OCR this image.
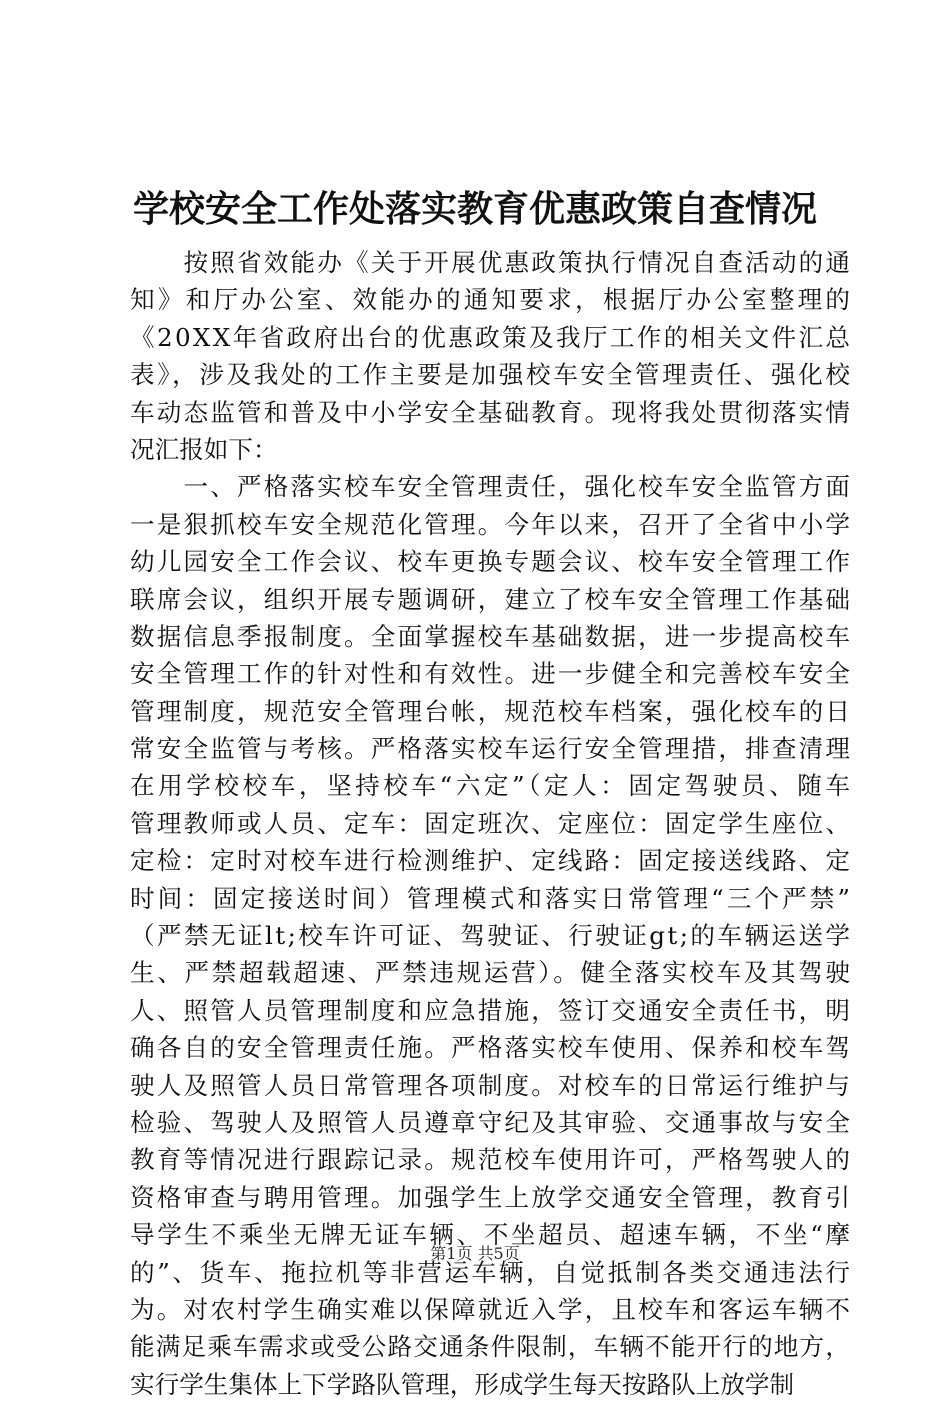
学校安全工作处落实教育优惠政策自查情况
　　按照省效能办《关于开展优惠政策执行情况自查活动的通
知》和厅办公室、效能办的通知要求，根据厅办公室整理的
《20XX年省政府出台的优惠政策及我厅工作的相关文件汇总
表》，涉及我处的工作主要是加强校车安全管理责任、强化校
车动态监管和普及中小学安全基础教育。现将我处贯彻落实情
况汇报如下：
　　一、严格落实校车安全管理责任，强化校车安全监管方面
一是狠抓校车安全规范化管理。今年以来，召开了全省中小学
幼儿园安全工作会议、校车更换专题会议、校车安全管理工作
联席会议，组织开展专题调研，建立了校车安全管理工作基础
数据信息季报制度。全面掌握校车基础数据，进一步提高校车
安全管理工作的针对性和有效性。进一步健全和完善校车安全
管理制度，规范安全管理台帐，规范校车档案，强化校车的日
常安全监管与考核。严格落实校车运行安全管理措，排查清理
在用学校校车，坚持校车“六定”（定人：固定驾驶员、随车
管理教师或人员、定车：固定班次、定座位：固定学生座位、
定检：定时对校车进行检测维护、定线路：固定接送线路、定
时间：固定接送时间）管理模式和落实日常管理“三个严禁”
（严禁无证lt;校车许可证、驾驶证、行驶证gt;的车辆运送学
生、严禁超载超速、严禁违规运营）。健全落实校车及其驾驶
人、照管人员管理制度和应急措施，签订交通安全责任书，明
确各自的安全管理责任施。严格落实校车使用、保养和校车驾
驶人及照管人员日常管理各项制度。对校车的日常运行维护与
检验、驾驶人及照管人员遵章守纪及其审验、交通事故与安全
教育等情况进行跟踪记录。规范校车使用许可，严格驾驶人的
资格审查与聘用管理。加强学生上放学交通安全管理，教育引
导学生不乘坐无牌无证车辆、不坐超员、超速车辆，不坐“摩
的”、货车、拖拉机等非营运车辆，自觉抵制各类交通违法行
为。对农村学生确实难以保障就近入学，且校车和客运车辆不
能满足乘车需求或受公路交通条件限制，车辆不能开行的地方，
实行学生集体上下学路队管理，形成学生每天按路队上放学制
第1页 共5页
